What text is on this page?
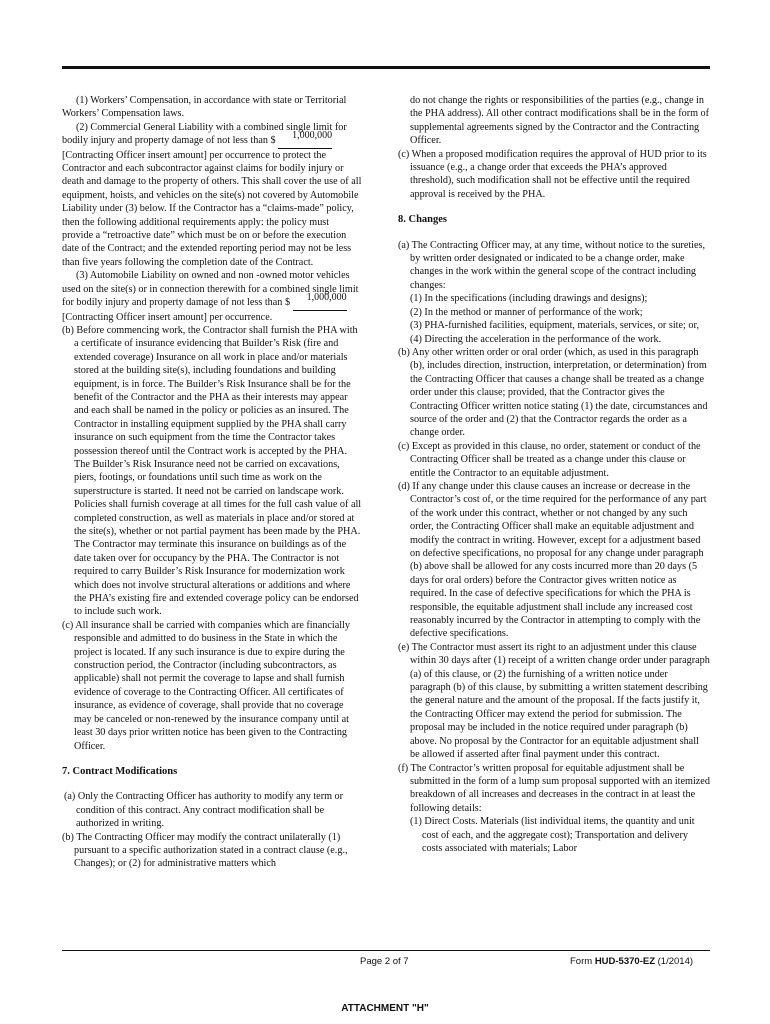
(1) Workers’ Compensation, in accordance with state or Territorial Workers’ Compensation laws.

(2) Commercial General Liability with a combined single limit for bodily injury and property damage of not less than $ 1,000,000 [Contracting Officer insert amount] per occurrence to protect the Contractor and each subcontractor against claims for bodily injury or death and damage to the property of others. This shall cover the use of all equipment, hoists, and vehicles on the site(s) not covered by Automobile Liability under (3) below. If the Contractor has a “claims-made” policy, then the following additional requirements apply: the policy must provide a “retroactive date” which must be on or before the execution date of the Contract; and the extended reporting period may not be less than five years following the completion date of the Contract.

(3) Automobile Liability on owned and non -owned motor vehicles used on the site(s) or in connection therewith for a combined single limit for bodily injury and property damage of not less than $ 1,000,000[Contracting Officer insert amount] per occurrence.

(b) Before commencing work, the Contractor shall furnish the PHA with a certificate of insurance evidencing that Builder’s Risk (fire and extended coverage) Insurance on all work in place and/or materials stored at the building site(s), including foundations and building equipment, is in force. The Builder’s Risk Insurance shall be for the benefit of the Contractor and the PHA as their interests may appear and each shall be named in the policy or policies as an insured. The Contractor in installing equipment supplied by the PHA shall carry insurance on such equipment from the time the Contractor takes possession thereof until the Contract work is accepted by the PHA. The Builder’s Risk Insurance need not be carried on excavations, piers, footings, or foundations until such time as work on the superstructure is started. It need not be carried on landscape work. Policies shall furnish coverage at all times for the full cash value of all completed construction, as well as materials in place and/or stored at the site(s), whether or not partial payment has been made by the PHA. The Contractor may terminate this insurance on buildings as of the date taken over for occupancy by the PHA. The Contractor is not required to carry Builder’s Risk Insurance for modernization work which does not involve structural alterations or additions and where the PHA’s existing fire and extended coverage policy can be endorsed to include such work.

(c) All insurance shall be carried with companies which are financially responsible and admitted to do business in the State in which the project is located. If any such insurance is due to expire during the construction period, the Contractor (including subcontractors, as applicable) shall not permit the coverage to lapse and shall furnish evidence of coverage to the Contracting Officer. All certificates of insurance, as evidence of coverage, shall provide that no coverage may be canceled or non-renewed by the insurance company until at least 30 days prior written notice has been given to the Contracting Officer.

7. Contract Modifications

(a) Only the Contracting Officer has authority to modify any term or condition of this contract. Any contract modification shall be authorized in writing.

(b) The Contracting Officer may modify the contract unilaterally (1) pursuant to a specific authorization stated in a contract clause (e.g., Changes); or (2) for administrative matters which

do not change the rights or responsibilities of the parties (e.g., change in the PHA address). All other contract modifications shall be in the form of supplemental agreements signed by the Contractor and the Contracting Officer.

(c) When a proposed modification requires the approval of HUD prior to its issuance (e.g., a change order that exceeds the PHA’s approved threshold), such modification shall not be effective until the required approval is received by the PHA.

8. Changes

(a) The Contracting Officer may, at any time, without notice to the sureties, by written order designated or indicated to be a change order, make changes in the work within the general scope of the contract including changes:

(1) In the specifications (including drawings and designs);

(2) In the method or manner of performance of the work;

(3) PHA-furnished facilities, equipment, materials, services, or site; or,

(4) Directing the acceleration in the performance of the work.

(b) Any other written order or oral order (which, as used in this paragraph (b), includes direction, instruction, interpretation, or determination) from the Contracting Officer that causes a change shall be treated as a change order under this clause; provided, that the Contractor gives the Contracting Officer written notice stating (1) the date, circumstances and source of the order and (2) that the Contractor regards the order as a change order.

(c) Except as provided in this clause, no order, statement or conduct of the Contracting Officer shall be treated as a change under this clause or entitle the Contractor to an equitable adjustment.

(d) If any change under this clause causes an increase or decrease in the Contractor’s cost of, or the time required for the performance of any part of the work under this contract, whether or not changed by any such order, the Contracting Officer shall make an equitable adjustment and modify the contract in writing. However, except for a adjustment based on defective specifications, no proposal for any change under paragraph (b) above shall be allowed for any costs incurred more than 20 days (5 days for oral orders) before the Contractor gives written notice as required. In the case of defective specifications for which the PHA is responsible, the equitable adjustment shall include any increased cost reasonably incurred by the Contractor in attempting to comply with the defective specifications.

(e) The Contractor must assert its right to an adjustment under this clause within 30 days after (1) receipt of a written change order under paragraph (a) of this clause, or (2) the furnishing of a written notice under paragraph (b) of this clause, by submitting a written statement describing the general nature and the amount of the proposal. If the facts justify it, the Contracting Officer may extend the period for submission. The proposal may be included in the notice required under paragraph (b) above. No proposal by the Contractor for an equitable adjustment shall be allowed if asserted after final payment under this contract.

(f) The Contractor’s written proposal for equitable adjustment shall be submitted in the form of a lump sum proposal supported with an itemized breakdown of all increases and decreases in the contract in at least the following details:

(1) Direct Costs. Materials (list individual items, the quantity and unit cost of each, and the aggregate cost); Transportation and delivery costs associated with materials; Labor

Page 2 of 7	Form HUD-5370-EZ (1/2014)
ATTACHMENT "H"
